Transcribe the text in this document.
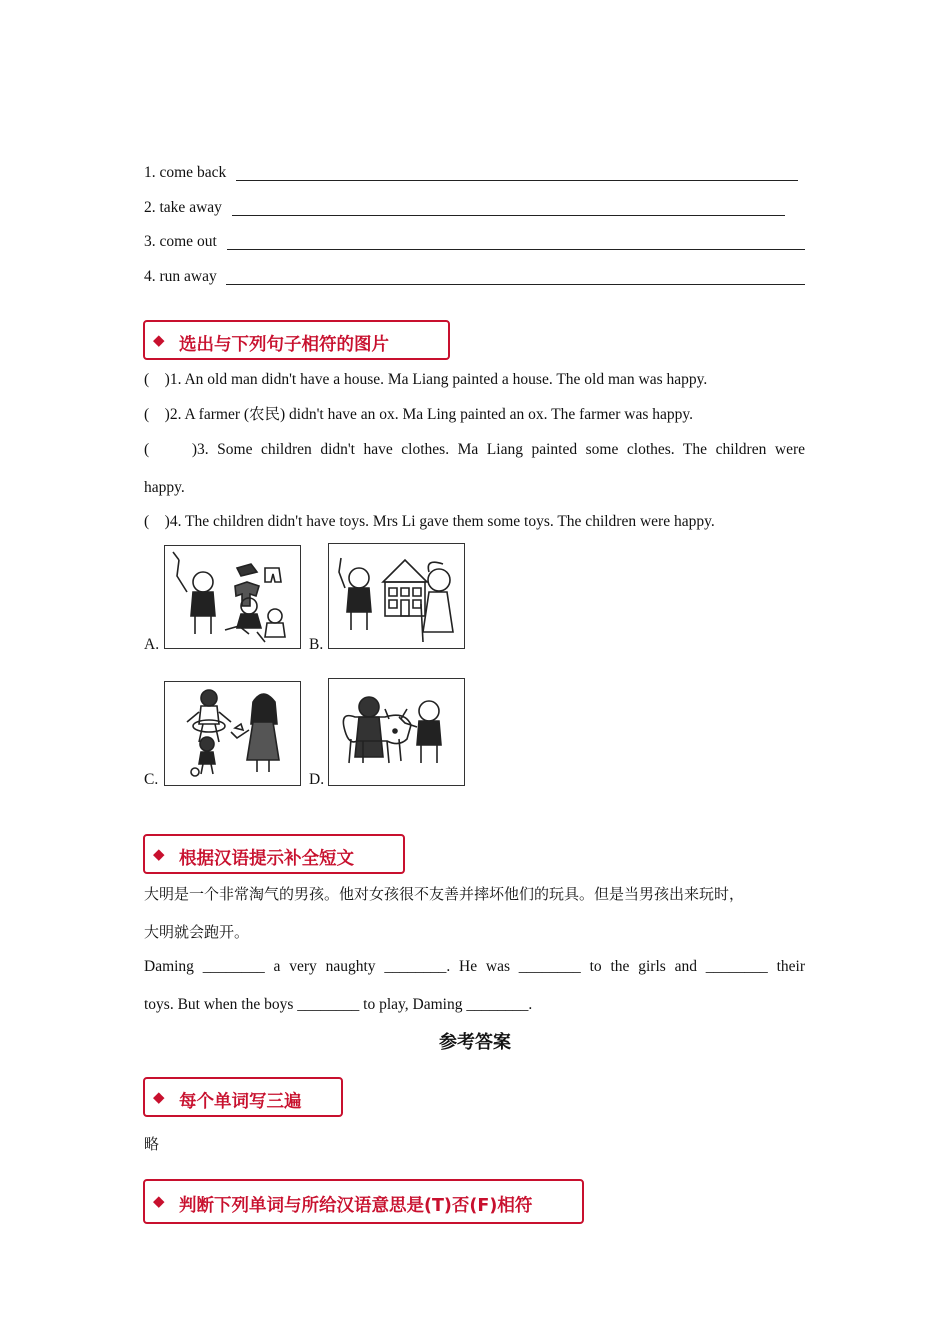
1. come back
2. take away
3. come out
4. run away
◆ 选出与下列句子相符的图片
(    )1. An old man didn't have a house. Ma Liang painted a house. The old man was happy.
(    )2. A farmer (农民) didn't have an ox. Ma Ling painted an ox. The farmer was happy.
(     )3. Some children didn't have clothes. Ma Liang painted some clothes. The children were
happy.
(    )4. The children didn't have toys. Mrs Li gave them some toys. The children were happy.
A.	B.
C.	D.
◆ 根据汉语提示补全短文
大明是一个非常淘气的男孩。他对女孩很不友善并摔坏他们的玩具。但是当男孩出来玩时，
大明就会跑开。
Daming ________ a very naughty ________. He was ________ to the girls and ________ their
toys. But when the boys ________ to play, Daming ________.
参考答案
◆ 每个单词写三遍
略
◆ 判断下列单词与所给汉语意思是(T)否(F)相符
